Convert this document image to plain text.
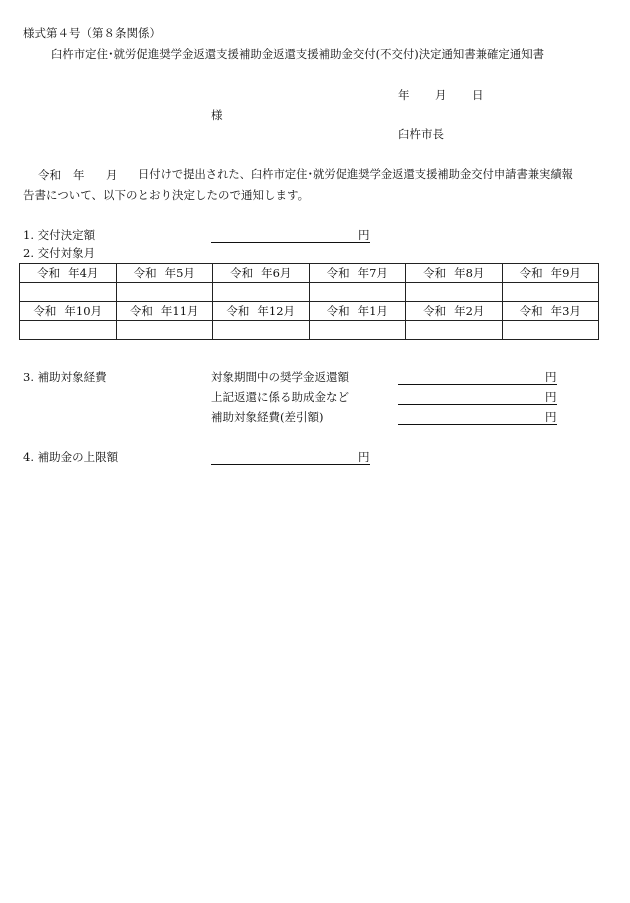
様式第４号（第８条関係）
臼杵市定住･就労促進奨学金返還支援補助金返還支援補助金交付(不交付)決定通知書兼確定通知書
年 月 日
様
臼杵市長
令和 年 月 日付けで提出された、臼杵市定住･就労促進奨学金返還支援補助金交付申請書兼実績報
告書について、以下のとおり決定したので通知します。
1. 交付決定額	円
2. 交付対象月
令和 年4月	令和 年5月	令和 年6月	令和 年7月	令和 年8月	令和 年9月

令和 年10月	令和 年11月	令和 年12月	令和 年1月	令和 年2月	令和 年3月

3. 補助対象経費	対象期間中の奨学金返還額	円
上記返還に係る助成金など	円
補助対象経費(差引額)	円
4. 補助金の上限額	円
